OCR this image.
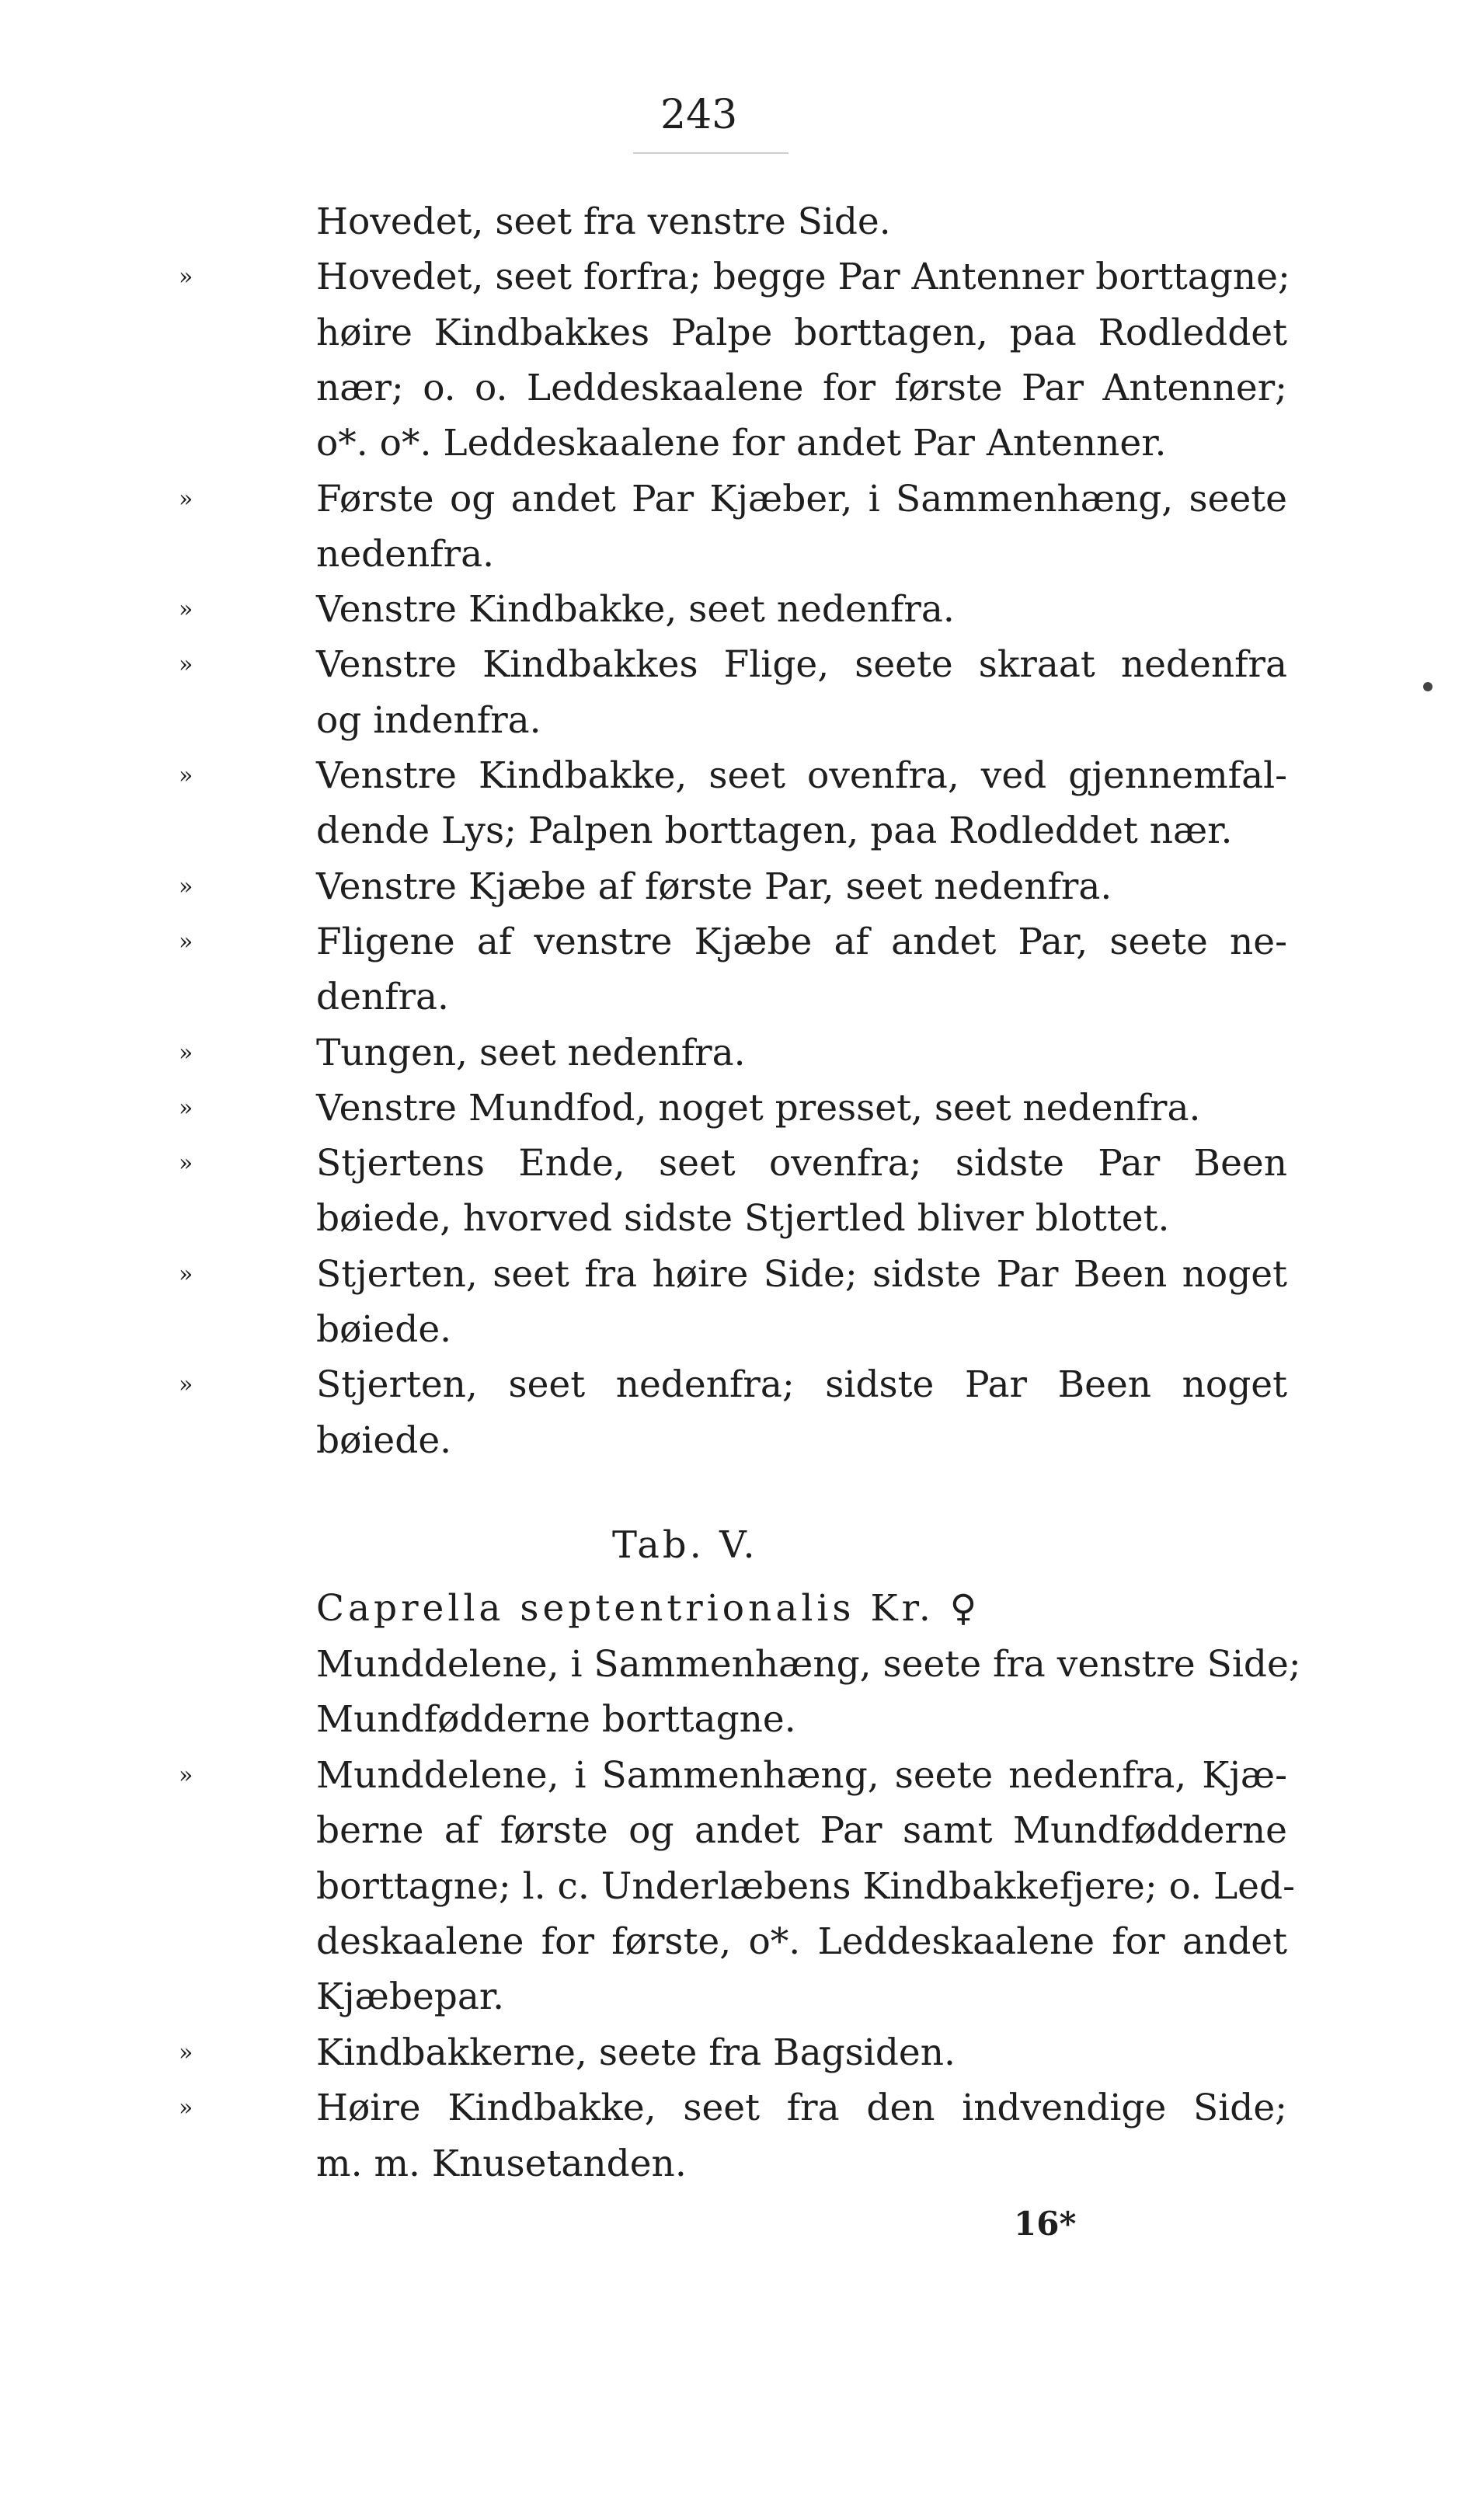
243
Hovedet, seet fra venstre Side.
»	Hovedet, seet forfra; begge Par Antenner borttagne;
høire Kindbakkes Palpe borttagen, paa Rodleddet
nær; o. o. Leddeskaalene for første Par Antenner;
o*. o*. Leddeskaalene for andet Par Antenner.
»	Første og andet Par Kjæber, i Sammenhæng, seete
nedenfra.
»	Venstre Kindbakke, seet nedenfra.
»	Venstre Kindbakkes Flige, seete skraat nedenfra
og indenfra.
»	Venstre Kindbakke, seet ovenfra, ved gjennemfal-
dende Lys; Palpen borttagen, paa Rodleddet nær.
»	Venstre Kjæbe af første Par, seet nedenfra.
»	Fligene af venstre Kjæbe af andet Par, seete ne-
denfra.
»	Tungen, seet nedenfra.
»	Venstre Mundfod, noget presset, seet nedenfra.
»	Stjertens Ende, seet ovenfra; sidste Par Been
bøiede, hvorved sidste Stjertled bliver blottet.
»	Stjerten, seet fra høire Side; sidste Par Been noget
bøiede.
»	Stjerten, seet nedenfra; sidste Par Been noget
bøiede.
Tab. V.
Caprella septentrionalis Kr. ♀
Munddelene, i Sammenhæng, seete fra venstre Side;
Mundfødderne borttagne.
»	Munddelene, i Sammenhæng, seete nedenfra, Kjæ-
berne af første og andet Par samt Mundfødderne
borttagne; l. c. Underlæbens Kindbakkefjere; o. Led-
deskaalene for første, o*. Leddeskaalene for andet
Kjæbepar.
»	Kindbakkerne, seete fra Bagsiden.
»	Høire Kindbakke, seet fra den indvendige Side;
m. m. Knusetanden.
16*
